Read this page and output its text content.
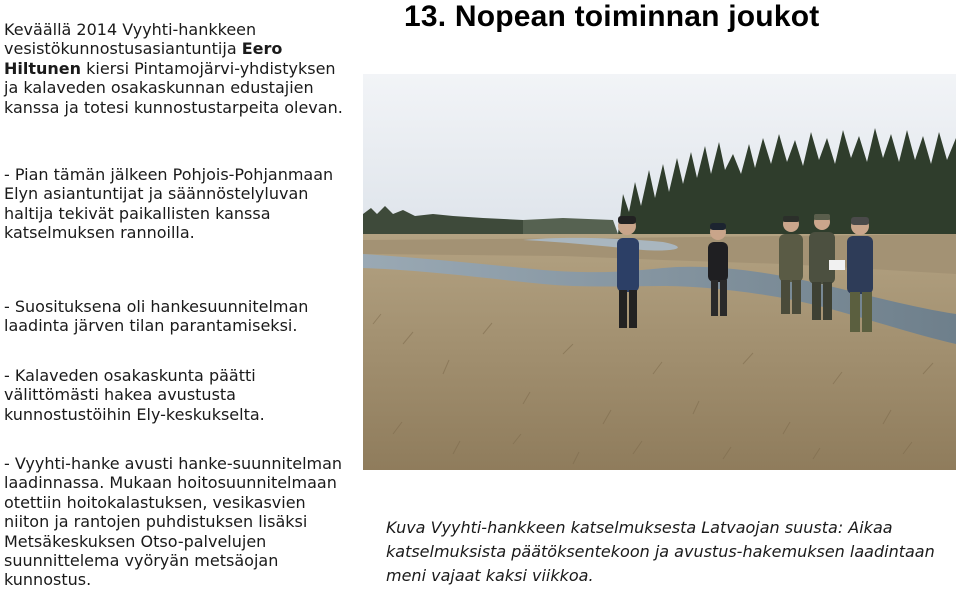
13. Nopean toiminnan joukot

Keväällä 2014 Vyyhti-hankkeen vesistökunnostusasiantuntija Eero Hiltunen kiersi Pintamojärvi-yhdistyksen ja kalaveden osakaskunnan edustajien kanssa ja totesi kunnostustarpeita olevan.

- Pian tämän jälkeen Pohjois-Pohjanmaan Elyn asiantuntijat ja säännöstelyluvan haltija tekivät paikallisten kanssa katselmuksen rannoilla.

- Suosituksena oli hankesuunnitelman laadinta järven tilan parantamiseksi.

- Kalaveden osakaskunta päätti välittömästi hakea avustusta kunnostustöihin Ely-keskukselta.

- Vyyhti-hanke avusti hanke-suunnitelman laadinnassa. Mukaan hoitosuunnitelmaan otettiin hoitokalastuksen, vesikasvien niiton ja rantojen puhdistuksen lisäksi Metsäkeskuksen Otso-palvelujen suunnittelema vyöryän metsäojan kunnostus.

Kuva Vyyhti-hankkeen katselmuksesta Latvaojan suusta: Aikaa katselmuksista päätöksentekoon ja avustus-hakemuksen laadintaan meni vajaat kaksi viikkoa.
